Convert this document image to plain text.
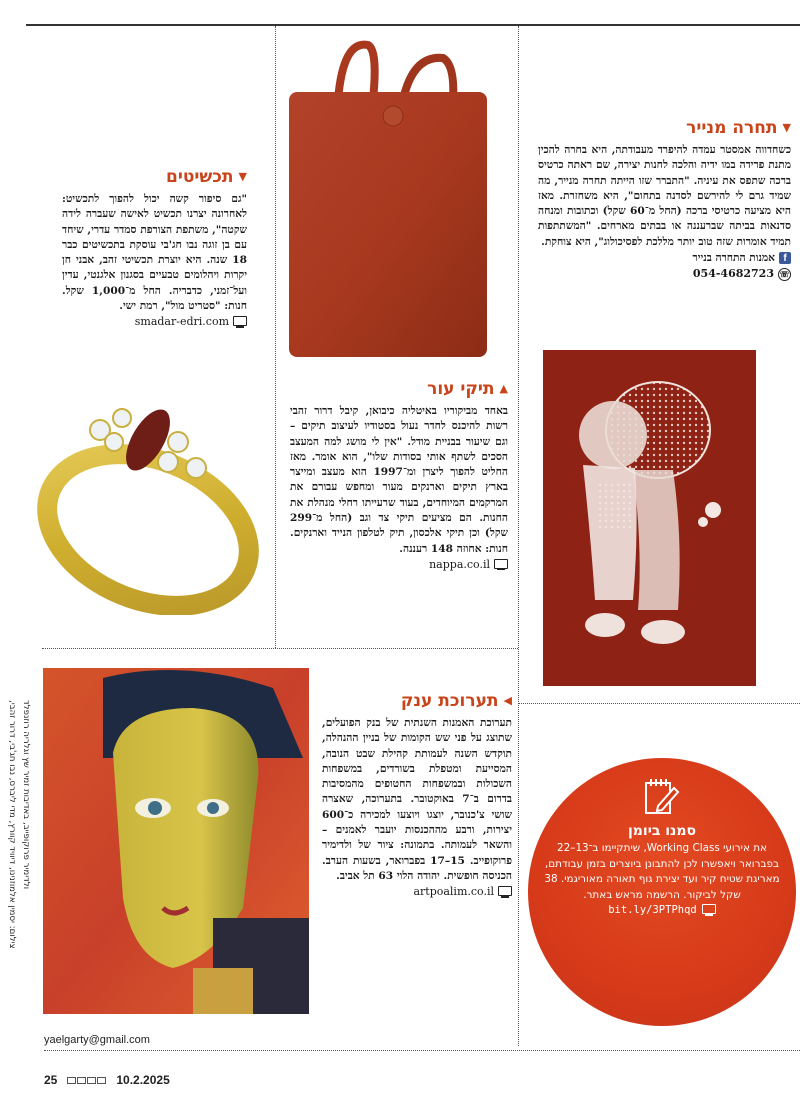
▼
תחרה מנייר
כשחדווה אמסטר עמדה להיפרד מעבודתה, היא בחרה להכין מתנת פרידה במו ידיה והלכה לחנות יצירה, שם ראתה כרטיס ברכה שתפס את עיניה. "התברר שזו הייתה תחרה מנייר, מה שמיד גרם לי להירשם לסדנה בתחום", היא משחזרת. מאז היא מציעה כרטיסי ברכה (החל מ־60 שקל) וכתובות ומנחה סדנאות בביתה שברעננה או בבתים מארחים. "המשתתפות תמיד אומרות שזה טוב יותר מללכת לפסיכולוג", היא צוחקת.
f
אמנות התחרה בנייר
☏
054-4682723
▼
תכשיטים
"גם סיפור קשה יכול להפוך לתכשיט: לאחרונה יצרנו תכשיט לאישה שעברה לידה שקטה", משתפת הצורפת סמדר עדרי, שיחד עם בן זוגה נבו חג'בי עוסקת בתכשיטים כבר 18 שנה. היא יוצרת תכשיטי זהב, אבני חן יקרות ויהלומים טבעיים בסגנון אלגנטי, עדין ועל־זמני, כדבריה. החל מ־1,000 שקל. חנות: "סטריט מול", רמת ישי.
smadar-edri.com
▲
תיקי עור
באחד מביקוריו באיטליה כיבואן, קיבל דרור זהבי רשות להיכנס לחדר נעול בסטודיו לעיצוב תיקים – וגם שיעור בבניית מודל. "אין לי מושג למה המעצב הסכים לשתף אותי בסודות שלו", הוא אומר. מאז החליט להפוך ליצרן ומ־1997 הוא מעצב ומייצר בארץ תיקים וארנקים מעור ומחפש עבורם את המרקמים המיוחדים, בעוד שרעייתו רחלי מנהלת את החנות. הם מציעים תיקי צד וגב (החל מ־299 שקל) וכן תיקי אלכסון, תיק לטלפון הנייד וארנקים. חנות: אחוזה 148 רעננה.
nappa.co.il
◀
תערוכת ענק
תערוכת האמנות השנתית של בנק הפועלים, שתוצג על פני שש הקומות של בניין ההנהלה, תוקדש השנה לעמותת קהילת שבט הנובה, המסייעת ומטפלת בשורדים, במשפחות השכולות ובמשפחות החטופים מהמסיבות בדרום ב־7 באוקטובר. בתערוכה, שאצרה שושי צ'כנובר, יוצגו ויוצעו למכירה כ־600 יצירות, ורבע מההכנסות יועבר לאמנים – והשאר לעמותה. בתמונה: ציור של ולדימיר פרוקופייב. 15–17 בפברואר, בשעות הערב. הכניסה חופשית. יהודה הלוי 63 תל אביב.
artpoalim.co.il
סמנו ביומן

את אירועי Working Class, שיתקיימו ב־13–22 בפברואר ויאפשרו לכן להתבונן ביוצרים בזמן עבודתם, מאריגת שטיח קיר ועד יצירת גוף תאורה מאוריגמי. 38 שקל לביקור. הרשמה מראש באתר.

bit.ly/3PTPhqd
צילום: יסמין אלמוזנינו, דיוויד קוורץ, מדי ליברס, נבו חג'בי, דרור זהבי, ולדימיר פרוקופייב, באדיבות זמיר שץ וגלריה רוזנפלד
yaelgarty@gmail.com
25	10.2.2025
